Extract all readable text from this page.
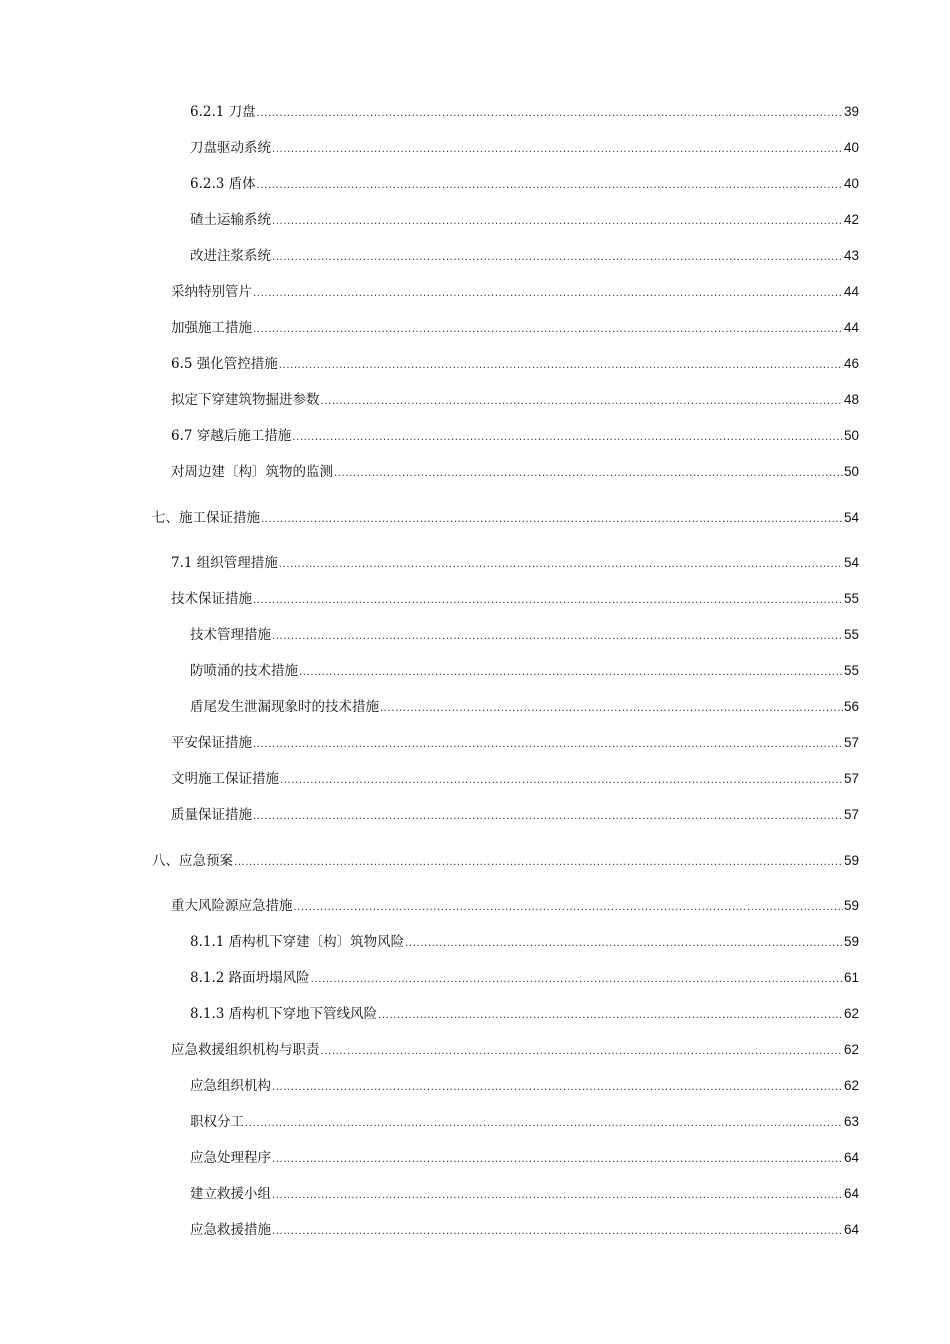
6.2.1 刀盘 .....	39
刀盘驱动系统 .....	40
6.2.3 盾体 .....	40
碴土运输系统 .....	42
改进注浆系统 .....	43
采纳特别管片 .....	44
加强施工措施 .....	44
6.5 强化管控措施 .....	46
拟定下穿建筑物掘进参数 .....	48
6.7 穿越后施工措施 .....	50
对周边建〔构〕筑物的监测 .....	50
七、施工保证措施 .....	54
7.1 组织管理措施 .....	54
技术保证措施 .....	55
技术管理措施 .....	55
防喷涌的技术措施 .....	55
盾尾发生泄漏现象时的技术措施 .....	56
平安保证措施 .....	57
文明施工保证措施 .....	57
质量保证措施 .....	57
八、应急预案 .....	59
重大风险源应急措施 .....	59
8.1.1 盾构机下穿建〔构〕筑物风险 .....	59
8.1.2 路面坍塌风险 .....	61
8.1.3 盾构机下穿地下管线风险 .....	62
应急救援组织机构与职责 .....	62
应急组织机构 .....	62
职权分工 .....	63
应急处理程序 .....	64
建立救援小组 .....	64
应急救援措施 .....	64
